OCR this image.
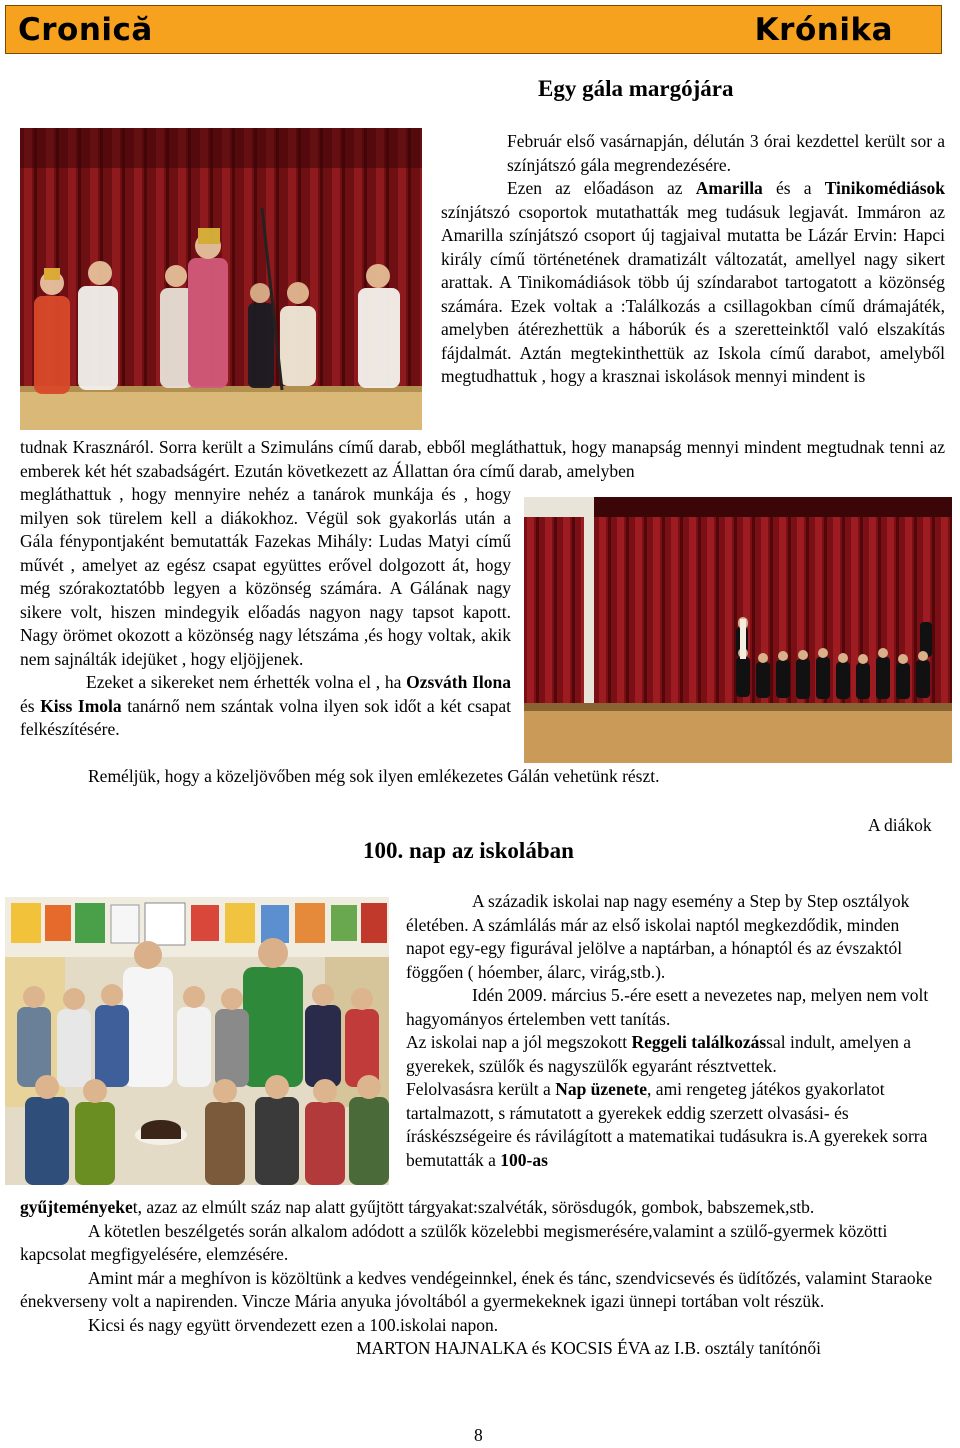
Cronică	Krónika
Egy gála margójára
Február első vasárnapján, délután 3 órai kezdettel került sor a színjátszó gála megrendezésére.
Ezen az előadáson az Amarilla és a Tinikomédiások színjátszó csoportok mutathatták meg tudásuk legjavát. Immáron az Amarilla színjátszó csoport új tagjaival mutatta be Lázár Ervin: Hapci király című történetének dramatizált változatát, amellyel nagy sikert arattak. A Tinikomádiások több új színdarabot tartogatott a közönség számára. Ezek voltak a :Találkozás a csillagokban című drámajáték, amelyben átérezhettük a háborúk és a szeretteinktől való elszakítás fájdalmát. Aztán megtekinthettük az Iskola című darabot, amelyből megtudhattuk , hogy a krasznai iskolások mennyi mindent is
tudnak Krasznáról. Sorra került a Szimuláns című darab, ebből megláthattuk, hogy manapság mennyi mindent megtudnak tenni az emberek két hét szabadságért. Ezután következett az Állattan óra című darab, amelyben
megláthattuk , hogy mennyire nehéz a tanárok munkája és , hogy milyen sok türelem kell a diákokhoz. Végül sok gyakorlás után a Gála fénypontjaként bemutatták Fazekas Mihály: Ludas Matyi című művét , amelyet az egész csapat együttes erővel dolgozott át, hogy még szórakoztatóbb legyen a közönség számára. A Gálának nagy sikere volt, hiszen mindegyik előadás nagyon nagy tapsot kapott. Nagy örömet okozott a közönség nagy létszáma ,és hogy voltak, akik nem sajnálták idejüket , hogy eljöjjenek.
Ezeket a sikereket nem érhették volna el , ha Ozsváth Ilona és Kiss Imola tanárnő nem szántak volna ilyen sok időt a két csapat felkészítésére.
Reméljük, hogy a közeljövőben még sok ilyen emlékezetes Gálán vehetünk részt.
A diákok
100. nap az iskolában
A századik iskolai nap nagy esemény a Step by Step osztályok életében. A számlálás már az első iskolai naptól megkezdődik, minden napot egy-egy figurával jelölve a naptárban, a hónaptól és az évszaktól föggően ( hóember, álarc, virág,stb.).
Idén 2009. március 5.-ére esett a nevezetes nap, melyen nem volt hagyományos értelemben vett tanítás.
Az iskolai nap a jól megszokott Reggeli találkozással indult, amelyen a gyerekek, szülők és nagyszülők egyaránt résztvettek.
Felolvasásra került a Nap üzenete, ami rengeteg játékos gyakorlatot tartalmazott, s rámutatott a gyerekek eddig szerzett olvasási- és íráskészségeire és rávilágított a matematikai tudásukra is.A gyerekek sorra bemutatták a 100-as
gyűjteményeket, azaz az elmúlt száz nap alatt gyűjtött tárgyakat:szalvéták, sörösdugók, gombok, babszemek,stb.
A kötetlen beszélgetés során alkalom adódott a szülők közelebbi megismerésére,valamint a szülő-gyermek közötti kapcsolat megfigyelésére, elemzésére.
Amint már a meghívon is közöltünk a kedves vendégeinnkel, ének és tánc, szendvicsevés és üdítőzés, valamint Staraoke énekverseny volt a napirenden. Vincze Mária anyuka jóvoltából a gyermekeknek igazi ünnepi tortában volt részük.
Kicsi és nagy együtt örvendezett ezen a 100.iskolai napon.
MARTON HAJNALKA és KOCSIS ÉVA az I.B. osztály tanítónői
8
